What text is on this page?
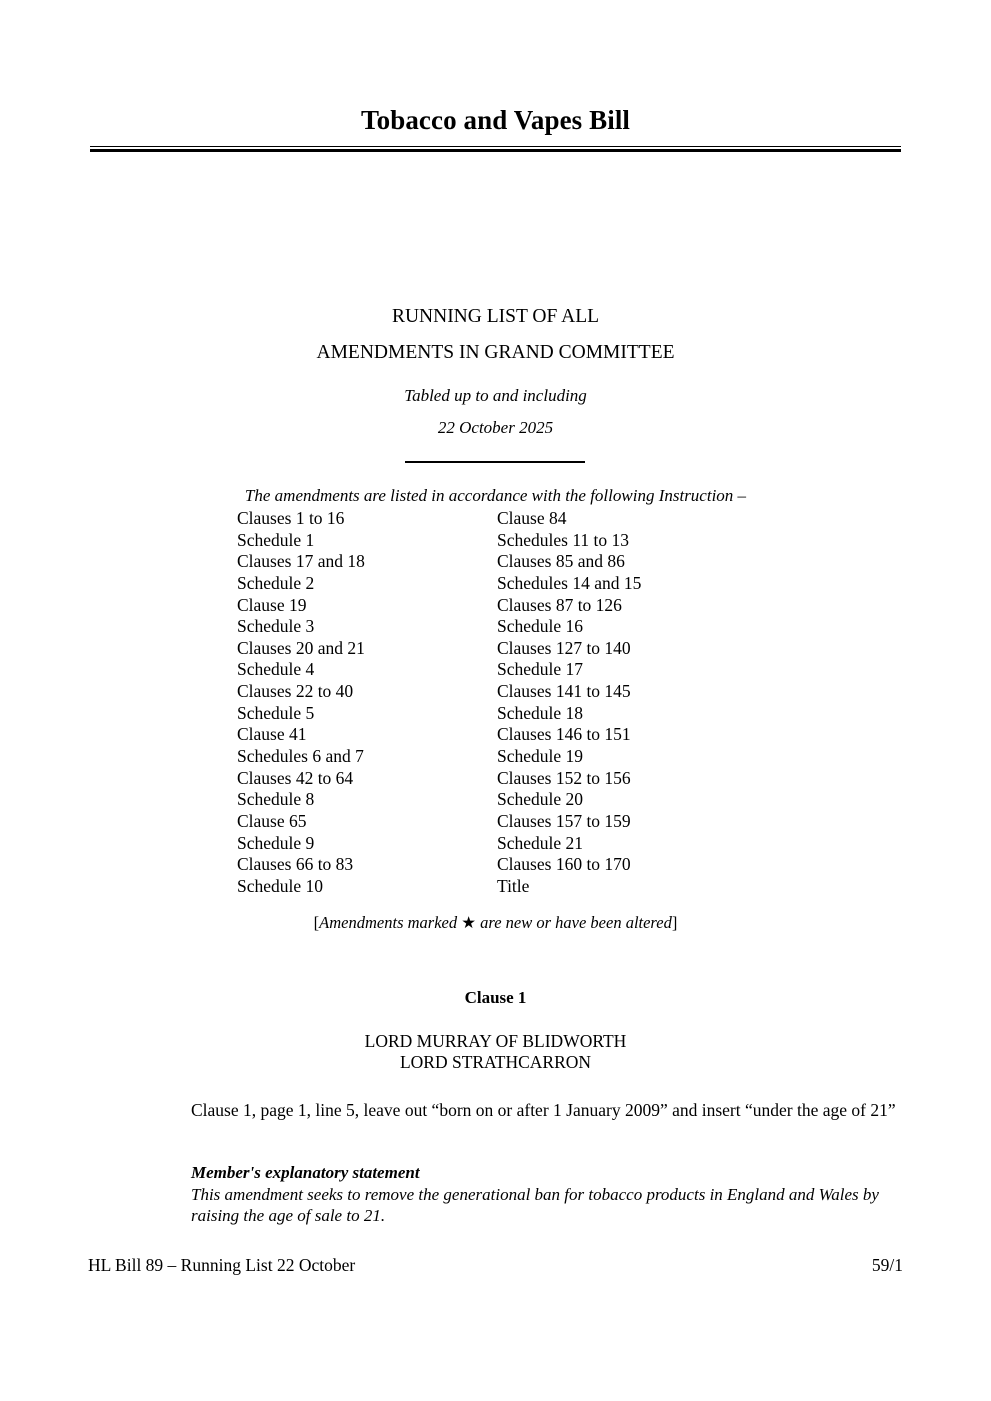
Tobacco and Vapes Bill
RUNNING LIST OF ALL
AMENDMENTS IN GRAND COMMITTEE
Tabled up to and including
22 October 2025
The amendments are listed in accordance with the following Instruction –
Clauses 1 to 16	Clause 84
Schedule 1	Schedules 11 to 13
Clauses 17 and 18	Clauses 85 and 86
Schedule 2	Schedules 14 and 15
Clause 19	Clauses 87 to 126
Schedule 3	Schedule 16
Clauses 20 and 21	Clauses 127 to 140
Schedule 4	Schedule 17
Clauses 22 to 40	Clauses 141 to 145
Schedule 5	Schedule 18
Clause 41	Clauses 146 to 151
Schedules 6 and 7	Schedule 19
Clauses 42 to 64	Clauses 152 to 156
Schedule 8	Schedule 20
Clause 65	Clauses 157 to 159
Schedule 9	Schedule 21
Clauses 66 to 83	Clauses 160 to 170
Schedule 10	Title
[Amendments marked ★ are new or have been altered]
Clause 1
LORD MURRAY OF BLIDWORTH
LORD STRATHCARRON
Clause 1, page 1, line 5, leave out “born on or after 1 January 2009” and insert “under the age of 21”
Member's explanatory statement
This amendment seeks to remove the generational ban for tobacco products in England and Wales by raising the age of sale to 21.
HL Bill 89 – Running List 22 October	59/1
